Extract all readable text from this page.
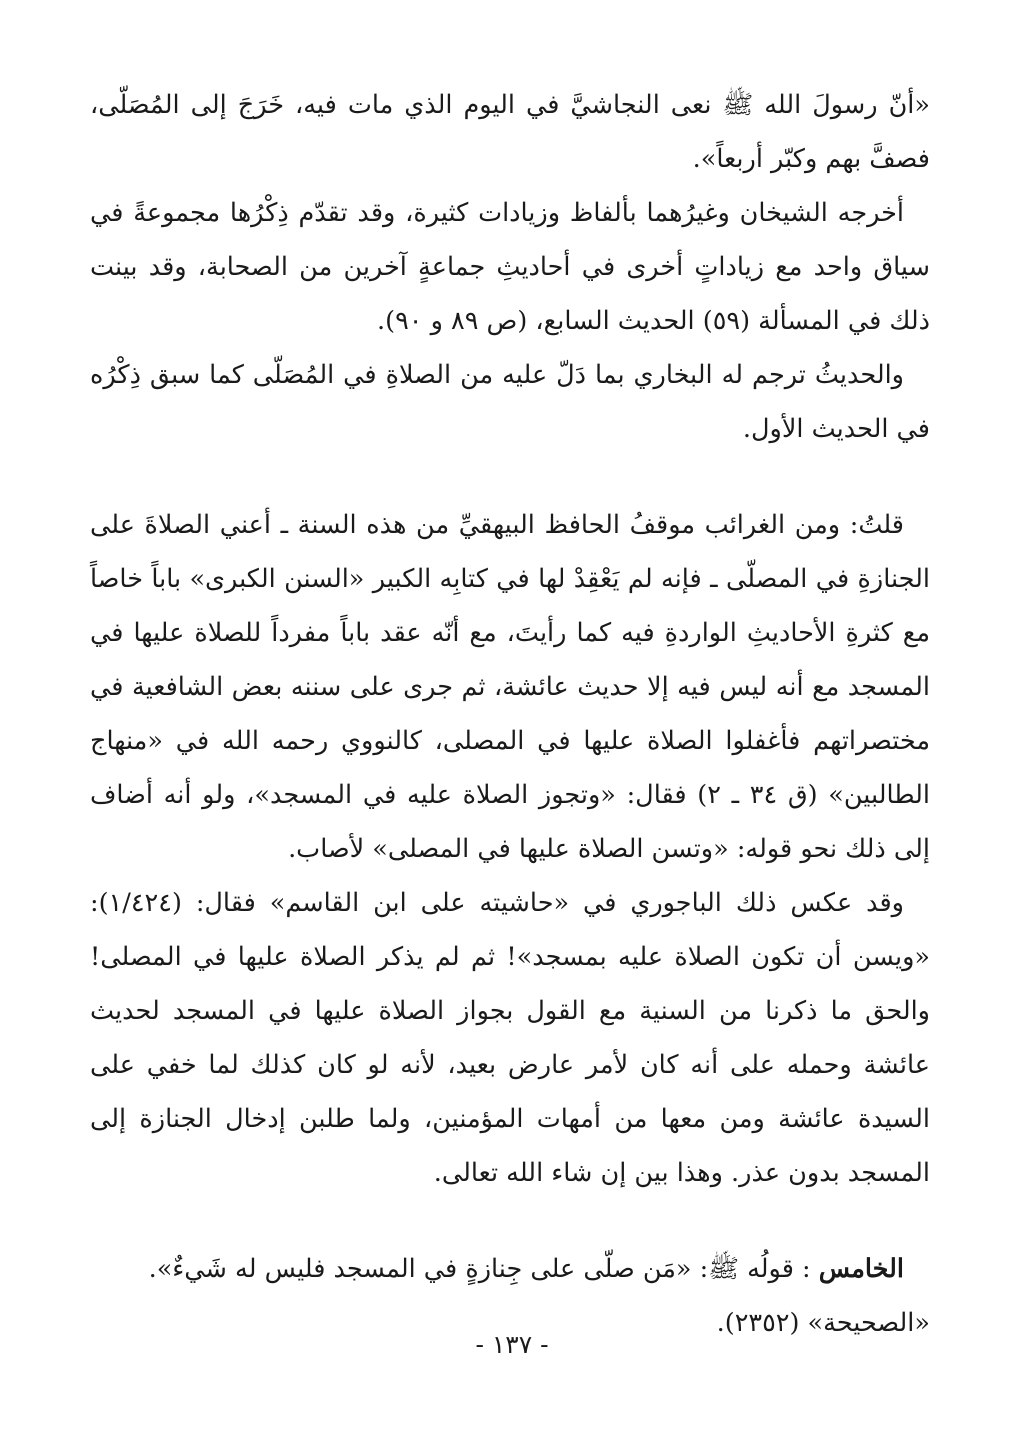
«أنّ رسولَ الله ﷺ نعى النجاشيَّ في اليوم الذي مات فيه، خَرَجَ إلى المُصَلّى، فصفَّ بهم وكبّر أربعاً».

أخرجه الشيخان وغيرُهما بألفاظ وزيادات كثيرة، وقد تقدّم ذِكْرُها مجموعةً في سياق واحد مع زياداتٍ أخرى في أحاديثِ جماعةٍ آخرين من الصحابة، وقد بينت ذلك في المسألة (٥٩) الحديث السابع، (ص ٨٩ و ٩٠).

والحديثُ ترجم له البخاري بما دَلّ عليه من الصلاةِ في المُصَلّى كما سبق ذِكْرُه في الحديث الأول.

قلتُ: ومن الغرائب موقفُ الحافظ البيهقيِّ من هذه السنة ـ أعني الصلاةَ على الجنازةِ في المصلّى ـ فإنه لم يَعْقِدْ لها في كتابِه الكبير «السنن الكبرى» باباً خاصاً مع كثرةِ الأحاديثِ الواردةِ فيه كما رأيتَ، مع أنّه عقد باباً مفرداً للصلاة عليها في المسجد مع أنه ليس فيه إلا حديث عائشة، ثم جرى على سننه بعض الشافعية في مختصراتهم فأغفلوا الصلاة عليها في المصلى، كالنووي رحمه الله في «منهاج الطالبين» (ق ٣٤ ـ ٢) فقال: «وتجوز الصلاة عليه في المسجد»، ولو أنه أضاف إلى ذلك نحو قوله: «وتسن الصلاة عليها في المصلى» لأصاب.

وقد عكس ذلك الباجوري في «حاشيته على ابن القاسم» فقال: (١/٤٢٤): «ويسن أن تكون الصلاة عليه بمسجد»! ثم لم يذكر الصلاة عليها في المصلى! والحق ما ذكرنا من السنية مع القول بجواز الصلاة عليها في المسجد لحديث عائشة وحمله على أنه كان لأمر عارض بعيد، لأنه لو كان كذلك لما خفي على السيدة عائشة ومن معها من أمهات المؤمنين، ولما طلبن إدخال الجنازة إلى المسجد بدون عذر. وهذا بين إن شاء الله تعالى.

الخامس : قولُه ﷺ: «مَن صلّى على جِنازةٍ في المسجد فليس له شَيءٌ».

«الصحيحة» (٢٣٥٢).

- ١٣٧ -
